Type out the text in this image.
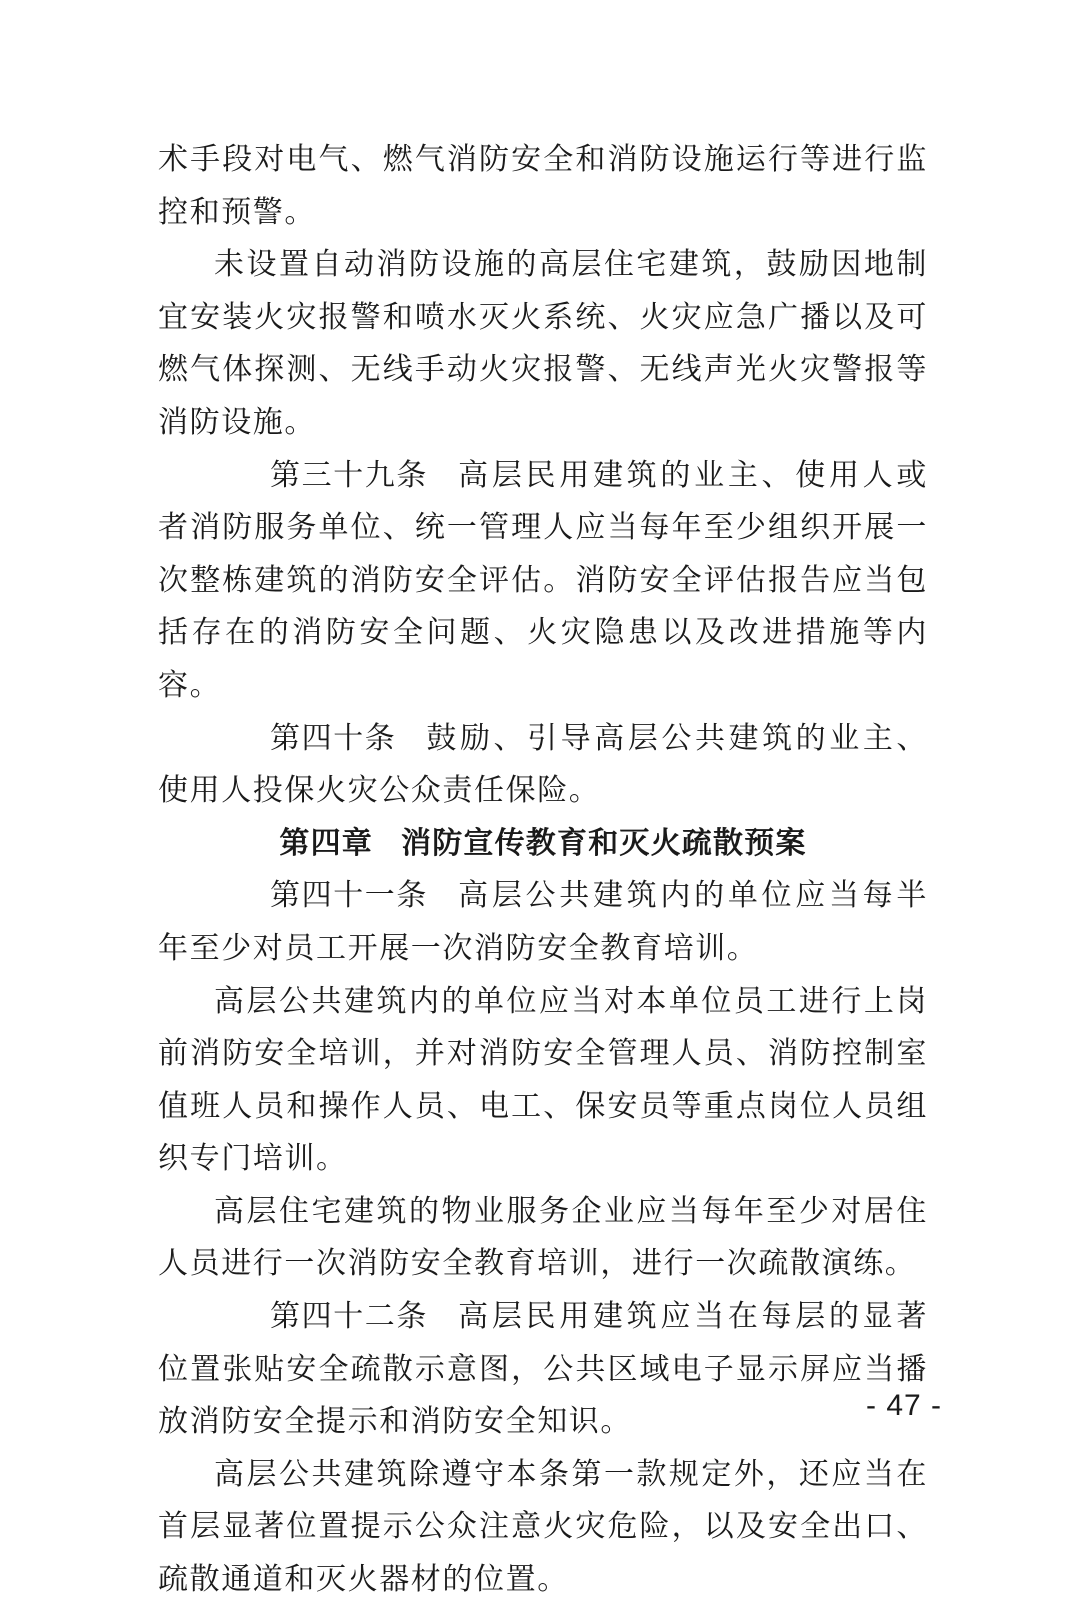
术手段对电气、燃气消防安全和消防设施运行等进行监控和预警。

未设置自动消防设施的高层住宅建筑，鼓励因地制宜安装火灾报警和喷水灭火系统、火灾应急广播以及可燃气体探测、无线手动火灾报警、无线声光火灾警报等消防设施。

第三十九条 高层民用建筑的业主、使用人或者消防服务单位、统一管理人应当每年至少组织开展一次整栋建筑的消防安全评估。消防安全评估报告应当包括存在的消防安全问题、火灾隐患以及改进措施等内容。

第四十条 鼓励、引导高层公共建筑的业主、使用人投保火灾公众责任保险。

第四章 消防宣传教育和灭火疏散预案

第四十一条 高层公共建筑内的单位应当每半年至少对员工开展一次消防安全教育培训。

高层公共建筑内的单位应当对本单位员工进行上岗前消防安全培训，并对消防安全管理人员、消防控制室值班人员和操作人员、电工、保安员等重点岗位人员组织专门培训。

高层住宅建筑的物业服务企业应当每年至少对居住人员进行一次消防安全教育培训，进行一次疏散演练。

第四十二条 高层民用建筑应当在每层的显著位置张贴安全疏散示意图，公共区域电子显示屏应当播放消防安全提示和消防安全知识。

高层公共建筑除遵守本条第一款规定外，还应当在首层显著位置提示公众注意火灾危险，以及安全出口、疏散通道和灭火器材的位置。

- 47 -
